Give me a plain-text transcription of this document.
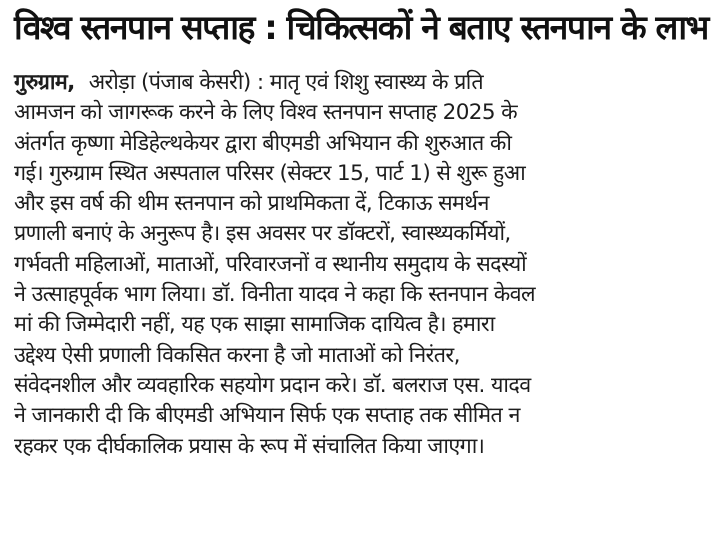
विश्व स्तनपान सप्ताह : चिकित्सकों ने बताए स्तनपान के लाभ
गुरुग्राम, अरोड़ा (पंजाब केसरी) : मातृ एवं शिशु स्वास्थ्य के प्रति
आमजन को जागरूक करने के लिए विश्व स्तनपान सप्ताह 2025 के
अंतर्गत कृष्णा मेडिहेल्थकेयर द्वारा बीएमडी अभियान की शुरुआत की
गई। गुरुग्राम स्थित अस्पताल परिसर (सेक्टर 15, पार्ट 1) से शुरू हुआ
और इस वर्ष की थीम स्तनपान को प्राथमिकता दें, टिकाऊ समर्थन
प्रणाली बनाएं के अनुरूप है। इस अवसर पर डॉक्टरों, स्वास्थ्यकर्मियों,
गर्भवती महिलाओं, माताओं, परिवारजनों व स्थानीय समुदाय के सदस्यों
ने उत्साहपूर्वक भाग लिया। डॉ. विनीता यादव ने कहा कि स्तनपान केवल
मां की जिम्मेदारी नहीं, यह एक साझा सामाजिक दायित्व है। हमारा
उद्देश्य ऐसी प्रणाली विकसित करना है जो माताओं को निरंतर,
संवेदनशील और व्यवहारिक सहयोग प्रदान करे। डॉ. बलराज एस. यादव
ने जानकारी दी कि बीएमडी अभियान सिर्फ एक सप्ताह तक सीमित न
रहकर एक दीर्घकालिक प्रयास के रूप में संचालित किया जाएगा।
